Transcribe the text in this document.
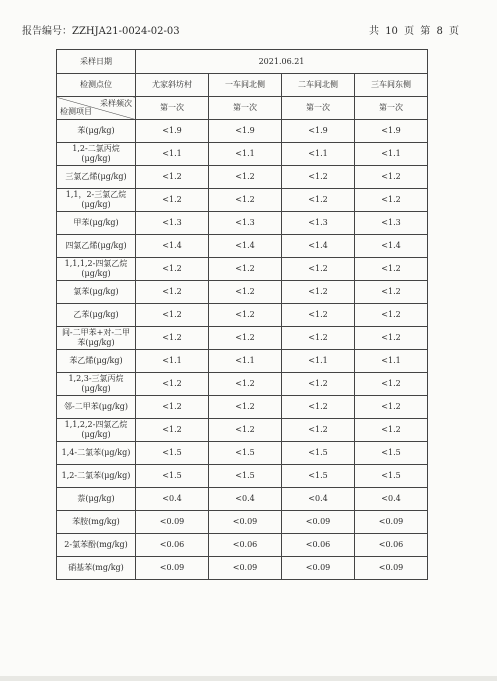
报告编号：ZZHJA21-0024-02-03	共 10 页 第 8 页
采样日期	2021.06.21			
检测点位	尤家斜坊村	一车间北侧	二车间北侧	三车间东侧

采样频次
检测项目	第一次	第一次	第一次	第一次
苯(μg/kg)	<1.9	<1.9	<1.9	<1.9
1,2-二氯丙烷(μg/kg)	<1.1	<1.1	<1.1	<1.1
三氯乙烯(μg/kg)	<1.2	<1.2	<1.2	<1.2
1,1，2-三氯乙烷(μg/kg)	<1.2	<1.2	<1.2	<1.2
甲苯(μg/kg)	<1.3	<1.3	<1.3	<1.3
四氯乙烯(μg/kg)	<1.4	<1.4	<1.4	<1.4
1,1,1,2-四氯乙烷(μg/kg)	<1.2	<1.2	<1.2	<1.2
氯苯(μg/kg)	<1.2	<1.2	<1.2	<1.2
乙苯(μg/kg)	<1.2	<1.2	<1.2	<1.2
间-二甲苯+对-二甲苯(μg/kg)	<1.2	<1.2	<1.2	<1.2
苯乙烯(μg/kg)	<1.1	<1.1	<1.1	<1.1
1,2,3-三氯丙烷(μg/kg)	<1.2	<1.2	<1.2	<1.2
邻-二甲苯(μg/kg)	<1.2	<1.2	<1.2	<1.2
1,1,2,2-四氯乙烷(μg/kg)	<1.2	<1.2	<1.2	<1.2
1,4-二氯苯(μg/kg)	<1.5	<1.5	<1.5	<1.5
1,2-二氯苯(μg/kg)	<1.5	<1.5	<1.5	<1.5
萘(μg/kg)	<0.4	<0.4	<0.4	<0.4
苯胺(mg/kg)	<0.09	<0.09	<0.09	<0.09
2-氯苯酚(mg/kg)	<0.06	<0.06	<0.06	<0.06
硝基苯(mg/kg)	<0.09	<0.09	<0.09	<0.09
